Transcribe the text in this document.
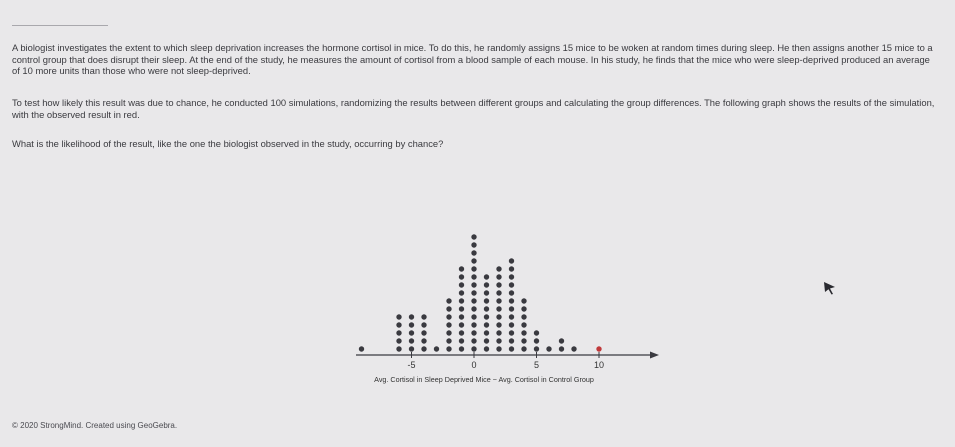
A biologist investigates the extent to which sleep deprivation increases the hormone cortisol in mice. To do this, he randomly assigns 15 mice to be woken at random times during sleep. He then assigns another 15 mice to a control group that does disrupt their sleep. At the end of the study, he measures the amount of cortisol from a blood sample of each mouse. In his study, he finds that the mice who were sleep-deprived produced an average of 10 more units than those who were not sleep-deprived.

To test how likely this result was due to chance, he conducted 100 simulations, randomizing the results between different groups and calculating the group differences. The following graph shows the results of the simulation, with the observed result in red.

What is the likelihood of the result, like the one the biologist observed in the study, occurring by chance?

-5	0	5	10
Avg. Cortisol in Sleep Deprived Mice − Avg. Cortisol in Control Group
© 2020 StrongMind. Created using GeoGebra.
